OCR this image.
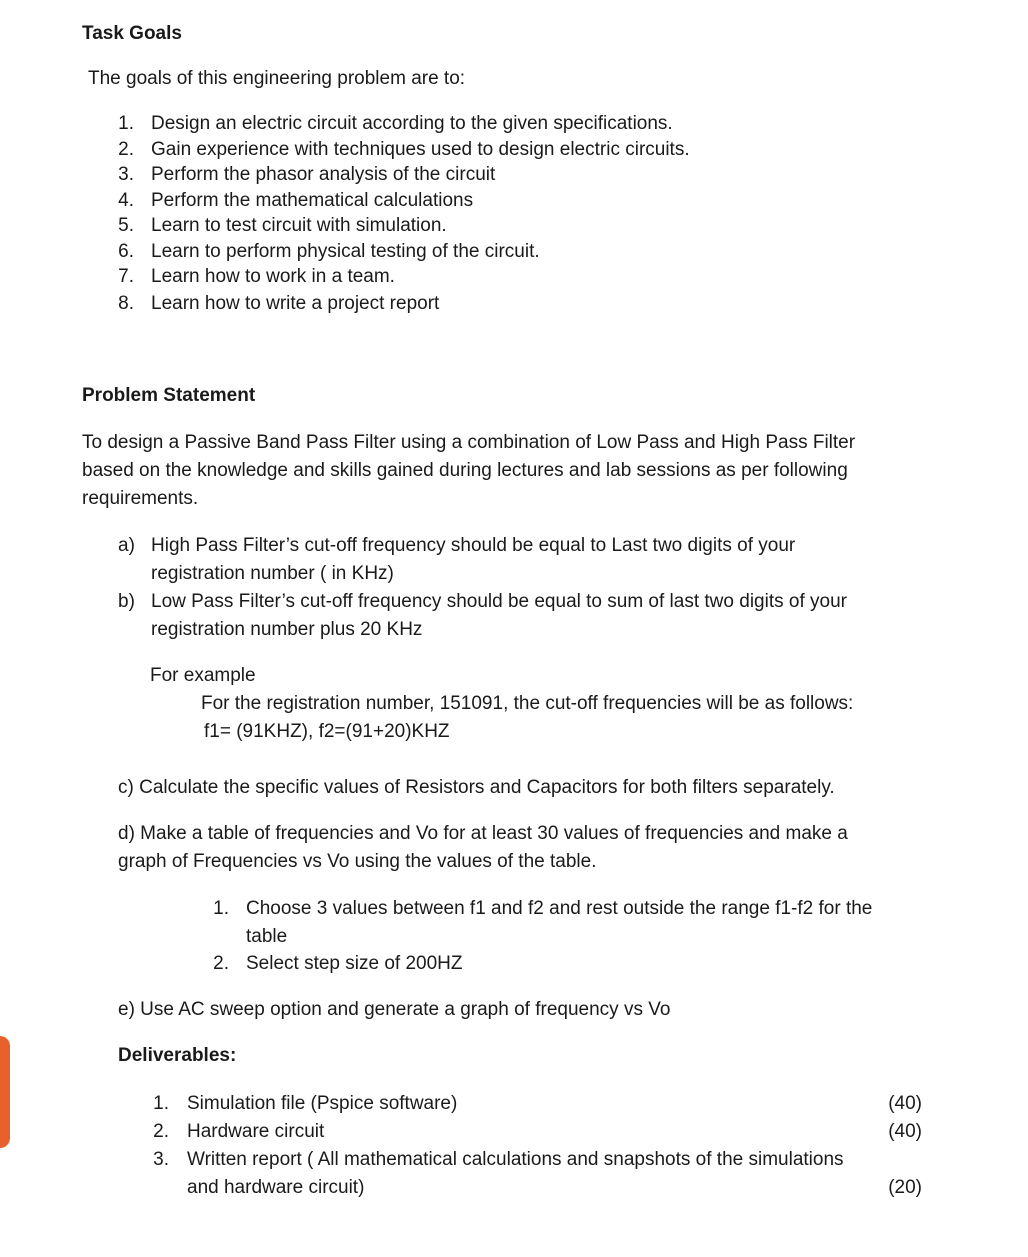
Task Goals
The goals of this engineering problem are to:
1. Design an electric circuit according to the given specifications.
2. Gain experience with techniques used to design electric circuits.
3. Perform the phasor analysis of the circuit
4. Perform the mathematical calculations
5. Learn to test circuit with simulation.
6. Learn to perform physical testing of the circuit.
7. Learn how to work in a team.
8. Learn how to write a project report
Problem Statement
To design a Passive Band Pass Filter using a combination of Low Pass and High Pass Filter
based on the knowledge and skills gained during lectures and lab sessions as per following
requirements.
a) High Pass Filter’s cut-off frequency should be equal to Last two digits of your
registration number ( in KHz)
b) Low Pass Filter’s cut-off frequency should be equal to sum of last two digits of your
registration number plus 20 KHz
For example
For the registration number, 151091, the cut-off frequencies will be as follows:
f1= (91KHZ), f2=(91+20)KHZ
c) Calculate the specific values of Resistors and Capacitors for both filters separately.
d) Make a table of frequencies and Vo for at least 30 values of frequencies and make a
graph of Frequencies vs Vo using the values of the table.
1. Choose 3 values between f1 and f2 and rest outside the range f1-f2 for the
table
2. Select step size of 200HZ
e) Use AC sweep option and generate a graph of frequency vs Vo
Deliverables:
1. Simulation file (Pspice software)	(40)
2. Hardware circuit	(40)
3. Written report ( All mathematical calculations and snapshots of the simulations
and hardware circuit)	(20)
